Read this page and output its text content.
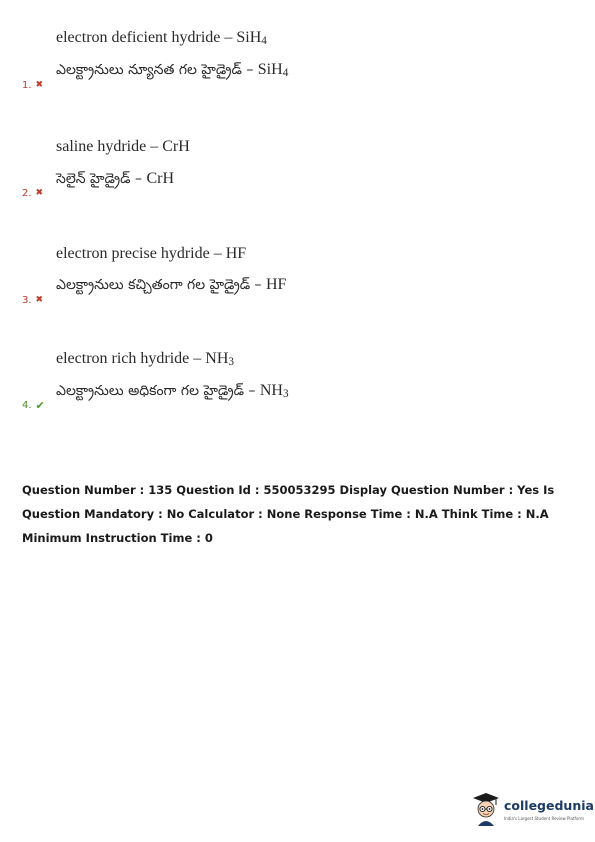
electron deficient hydride – SiH$_4$
ఎలక్ట్రానులు న్యూనత గల హైడ్రైడ్ – SiH$_4$
1. ✖
saline hydride – CrH
సెలైన్ హైడ్రైడ్ – CrH
2. ✖
electron precise hydride – HF
ఎలక్ట్రానులు కచ్చితంగా గల హైడ్రైడ్ – HF
3. ✖
electron rich hydride – $NH_3$
ఎలక్ట్రానులు అధికంగా గల హైడ్రైడ్ – $NH_3$
4. ✔
Question Number : 135 Question Id : 550053295 Display Question Number : Yes Is Question Mandatory : No Calculator : None Response Time : N.A Think Time : N.A Minimum Instruction Time : 0
collegedunia
India's Largest Student Review Platform
